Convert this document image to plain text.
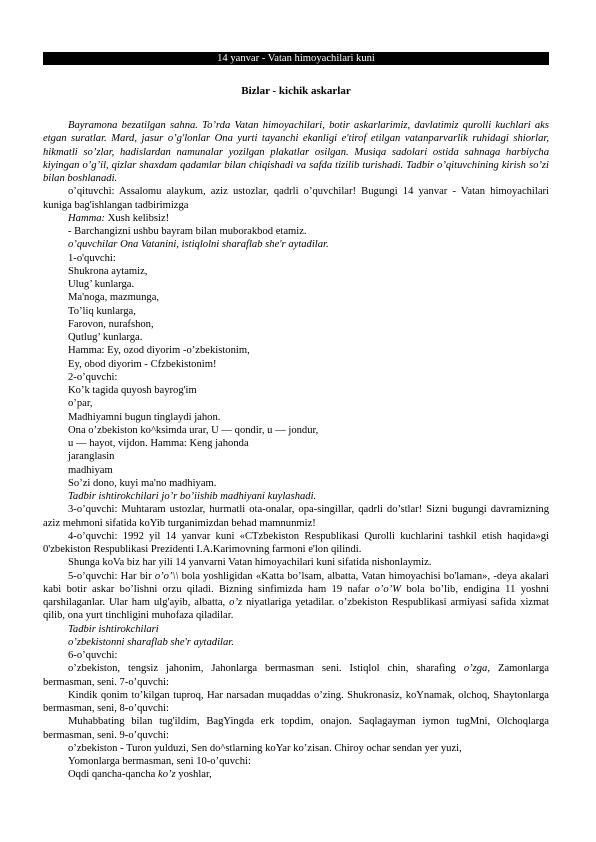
14 yanvar - Vatan himoyachilari kuni
Bizlar - kichik askarlar
Bayramona bezatilgan sahna. To’rda Vatan himoyachilari, botir askarlarimiz, davlatimiz qurolli kuchlari aks etgan suratlar. Mard, jasur o’g'lonlar Ona yurti tayanchi ekanligi e'tirof etilgan vatanparvarlik ruhidagi shiorlar, hikmatli so’zlar, hadislardan namunalar yozilgan plakatlar osilgan. Musiqa sadolari ostida sahnaga harbiycha kiyingan o’g’il, qizlar shaxdam qadamlar bilan chiqishadi va safda tizilib turishadi. Tadbir o’qituvchining kirish so’zi bilan boshlanadi.
o’qituvchi: Assalomu alaykum, aziz ustozlar, qadrli o’quvchilar! Bugungi 14 yanvar - Vatan himoyachilari kuniga bag'ishlangan tadbirimizga
Hamma: Xush kelibsiz!
- Barchangizni ushbu bayram bilan muborakbod etamiz.
o’quvchilar Ona Vatanini, istiqlolni sharaflab she'r aytadilar.
1-o'quvchi:
Shukrona aytamiz,
Ulug’ kunlarga.
Ma'noga, mazmunga,
To’liq kunlarga,
Farovon, nurafshon,
Qutlug’ kunlarga.
Hamma: Ey, ozod diyorim -o’zbekistonim,
Ey, obod diyorim - Cfzbekistonim!
2-o’quvchi:
Ko’k tagida quyosh bayrog'im
o’par,
Madhiyamni bugun tinglaydi jahon.
Ona o’zbekiston ko^ksimda urar, U — qondir, u — jondur,
u — hayot, vijdon. Hamma: Keng jahonda
jaranglasin
madhiyam
So’zi dono, kuyi ma'no madhiyam.
Tadbir ishtirokchilari jo’r bo’iishib madhiyani kuylashadi.
3-o’quvchi: Muhtaram ustozlar, hurmatli ota-onalar, opa-singillar, qadrli do’stlar! Sizni bugungi davramizning aziz mehmoni sifatida koYib turganimizdan behad mamnunmiz!
4-o’quvchi: 1992 yil 14 yanvar kuni «CTzbekiston Respublikasi Qurolli kuchlarini tashkil etish haqida»gi 0'zbekiston Respublikasi Prezidenti I.A.Karimovning farmoni e'lon qilindi.
Shunga koVa biz har yili 14 yanvarni Vatan himoyachilari kuni sifatida nishonlaymiz.
5-o’quvchi: Har bir o’o’\\ bola yoshligidan «Katta bo’lsam, albatta, Vatan himoyachisi bo'laman», -deya akalari kabi botir askar bo’lishni orzu qiladi. Bizning sinfimizda ham 19 nafar o’o’W bola bo’lib, endigina 11 yoshni qarshilaganlar. Ular ham ulg'ayib, albatta, o’z niyatlariga yetadilar. o’zbekiston Respublikasi armiyasi safida xizmat qilib, ona yurt tinchligini muhofaza qiladilar.
Tadbir ishtirokchilari
o’zbekistonni sharaflab she'r aytadilar.
6-o’quvchi:
o’zbekiston, tengsiz jahonim, Jahonlarga bermasman seni. Istiqlol chin, sharafing o’zga, Zamonlarga bermasman, seni. 7-o’quvchi:
Kindik qonim to’kilgan tuproq, Har narsadan muqaddas o’zing. Shukronasiz, koYnamak, olchoq, Shaytonlarga bermasman, seni, 8-o’quvchi:
Muhabbating bilan tug'ildim, BagYingda erk topdim, onajon. Saqlagayman iymon tugMni, Olchoqlarga bermasman, seni. 9-o’quvchi:
o’zbekiston - Turon yulduzi, Sen do^stlarning koYar ko’zisan. Chiroy ochar sendan yer yuzi,
Yomonlarga bermasman, seni 10-o’quvchi:
Oqdi qancha-qancha ko’z yoshlar,
